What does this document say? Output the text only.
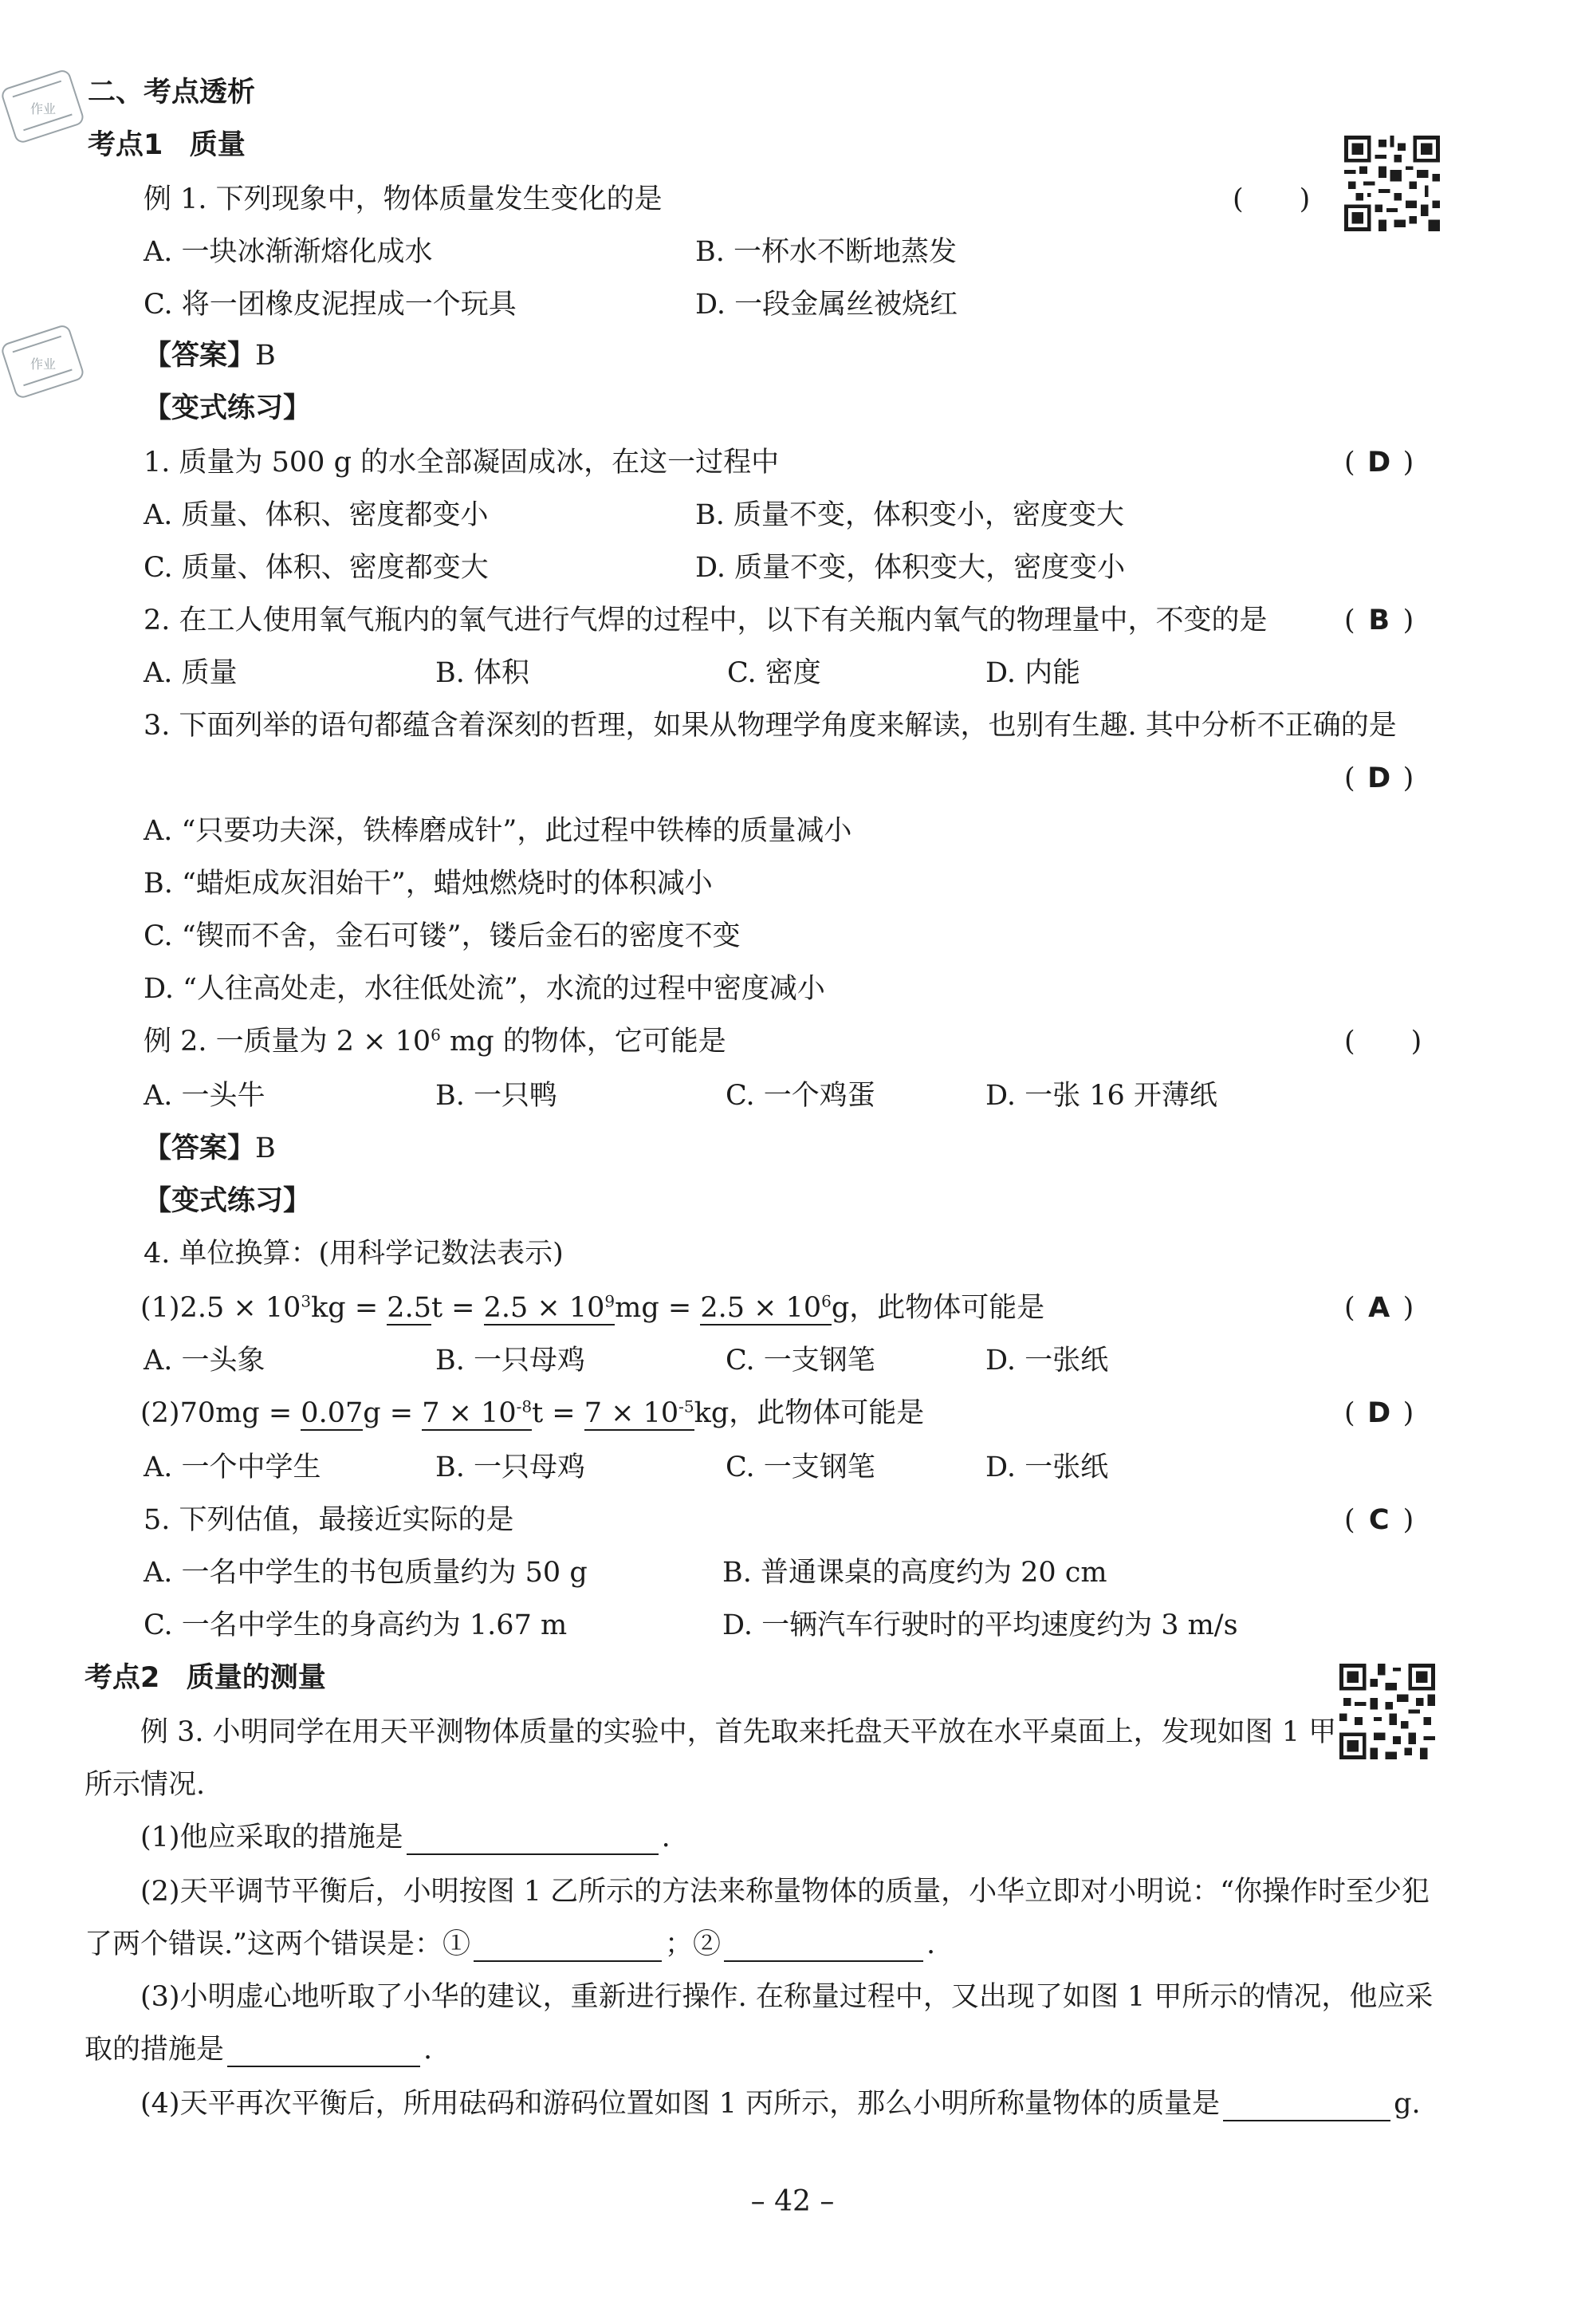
作业
作业
二、考点透析
考点1 质量
例 1. 下列现象中，物体质量发生变化的是	(　　)
A. 一块冰渐渐熔化成水	B. 一杯水不断地蒸发
C. 将一团橡皮泥捏成一个玩具	D. 一段金属丝被烧红
【答案】B
【变式练习】
1. 质量为 500 g 的水全部凝固成冰，在这一过程中	( D )
A. 质量、体积、密度都变小	B. 质量不变，体积变小，密度变大
C. 质量、体积、密度都变大	D. 质量不变，体积变大，密度变小
2. 在工人使用氧气瓶内的氧气进行气焊的过程中，以下有关瓶内氧气的物理量中，不变的是	( B )
A. 质量	B. 体积	C. 密度	D. 内能
3. 下面列举的语句都蕴含着深刻的哲理，如果从物理学角度来解读，也别有生趣. 其中分析不正确的是
( D )
A. “只要功夫深，铁棒磨成针”，此过程中铁棒的质量减小
B. “蜡炬成灰泪始干”，蜡烛燃烧时的体积减小
C. “锲而不舍，金石可镂”，镂后金石的密度不变
D. “人往高处走，水往低处流”，水流的过程中密度减小
例 2. 一质量为 $2 \times 10^6$ mg 的物体，它可能是	(　　)
A. 一头牛	B. 一只鸭	C. 一个鸡蛋	D. 一张 16 开薄纸
【答案】B
【变式练习】
4. 单位换算：(用科学记数法表示)
$(1)2.5 \times 10^3kg = 2.5t = 2.5 \times 10^9mg = 2.5 \times 10^6g$，此物体可能是	( A )
A. 一头象	B. 一只母鸡	C. 一支钢笔	D. 一张纸
$(2)70mg = 0.07g = 7 \times 10^{-8}t = 7 \times 10^{-5}kg$，此物体可能是	( D )
A. 一个中学生	B. 一只母鸡	C. 一支钢笔	D. 一张纸
5. 下列估值，最接近实际的是	( C )
A. 一名中学生的书包质量约为 50 g	B. 普通课桌的高度约为 20 cm
C. 一名中学生的身高约为 1.67 m	D. 一辆汽车行驶时的平均速度约为 3 m/s
考点2 质量的测量
例 3. 小明同学在用天平测物体质量的实验中，首先取来托盘天平放在水平桌面上，发现如图 1 甲
所示情况.
(1)他应采取的措施是	.
(2)天平调节平衡后，小明按图 1 乙所示的方法来称量物体的质量，小华立即对小明说：“你操作时至少犯
了两个错误.”这两个错误是：①	；②	.
(3)小明虚心地听取了小华的建议，重新进行操作. 在称量过程中，又出现了如图 1 甲所示的情况，他应采
取的措施是	.
(4)天平再次平衡后，所用砝码和游码位置如图 1 丙所示，那么小明所称量物体的质量是	g.
– 42 –
